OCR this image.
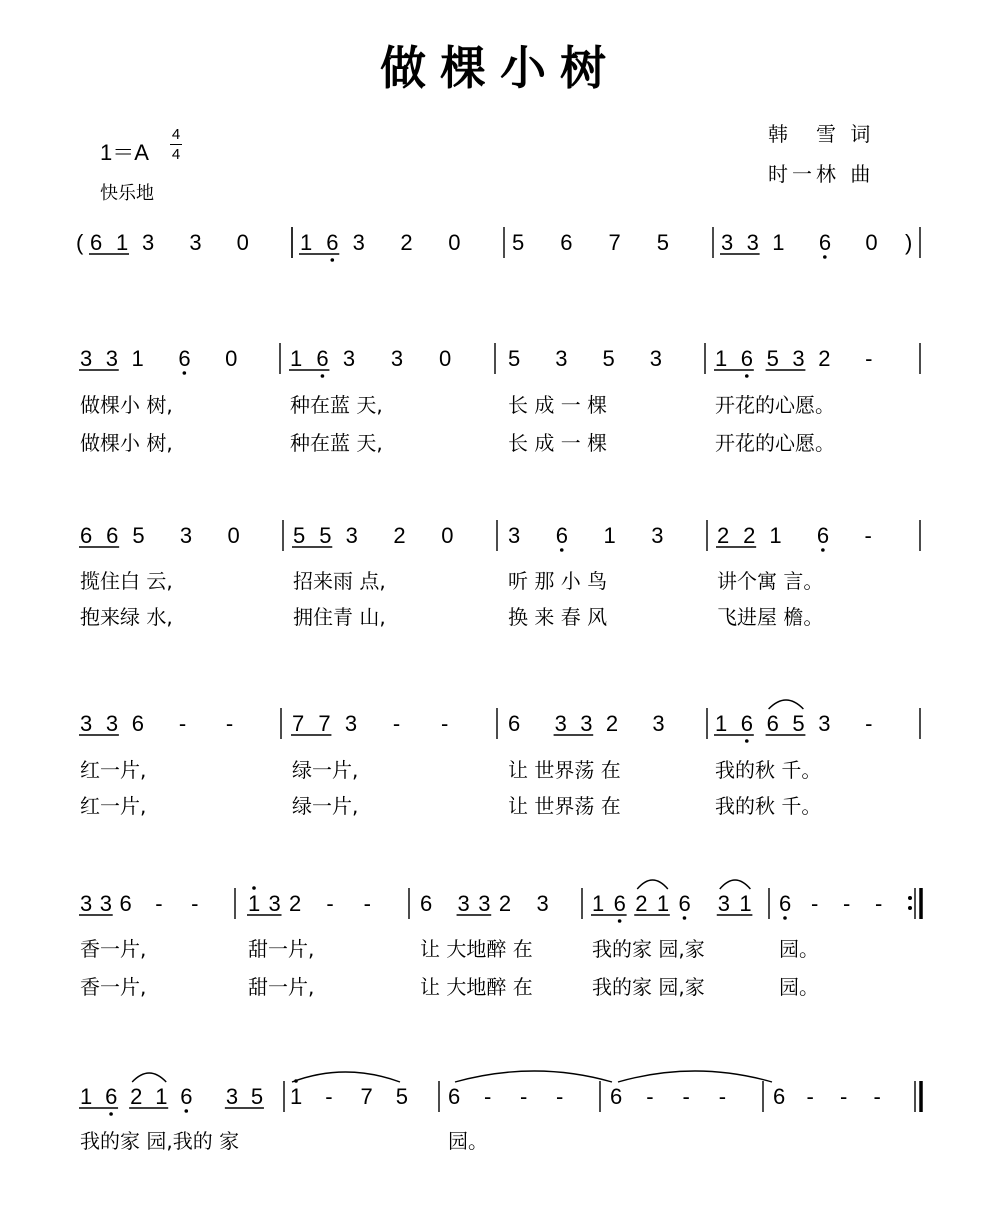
做棵小树
1＝A
4
4
快乐地
韩　雪 词
时一林 曲
( 6 1 3 3 0 1 6 3 2 0 5 6 7 5 3 3 1 6 0 )
3 3 1 6 0 1 6 3 3 0	5 3 5 3 1 6 5 3 2 -
做棵小 树,	种在蓝 天,	长 成 一 棵	开花的心愿。
做棵小 树,	种在蓝 天,	长 成 一 棵	开花的心愿。
6 6 5 3 0 5 5 3 2 0 3 6 1 3 2 2 1 6 -
揽住白 云,	招来雨 点,	听 那 小 鸟	讲个寓 言。
抱来绿 水,	拥住青 山,	换 来 春 风	飞进屋 檐。
3 3 6 - -	7 7 3 - -	6 3 3 2 3 1 6 6 5 3 -
红一片,	绿一片,	让 世界荡 在	我的秋 千。
红一片,	绿一片,	让 世界荡 在	我的秋 千。
3 3 6 - - 1 3 2 - - 6 3 3 2 3 1 6 2 1 6 3 1 6 - - -
香一片,	甜一片,	让 大地醉 在	我的家 园,家	园。
香一片,	甜一片,	让 大地醉 在	我的家 园,家	园。
1 6 2 1 6 3 5 1 - 7 5 6 - - - 6 - - - 6 - - -
我的家 园,我的 家	园。
